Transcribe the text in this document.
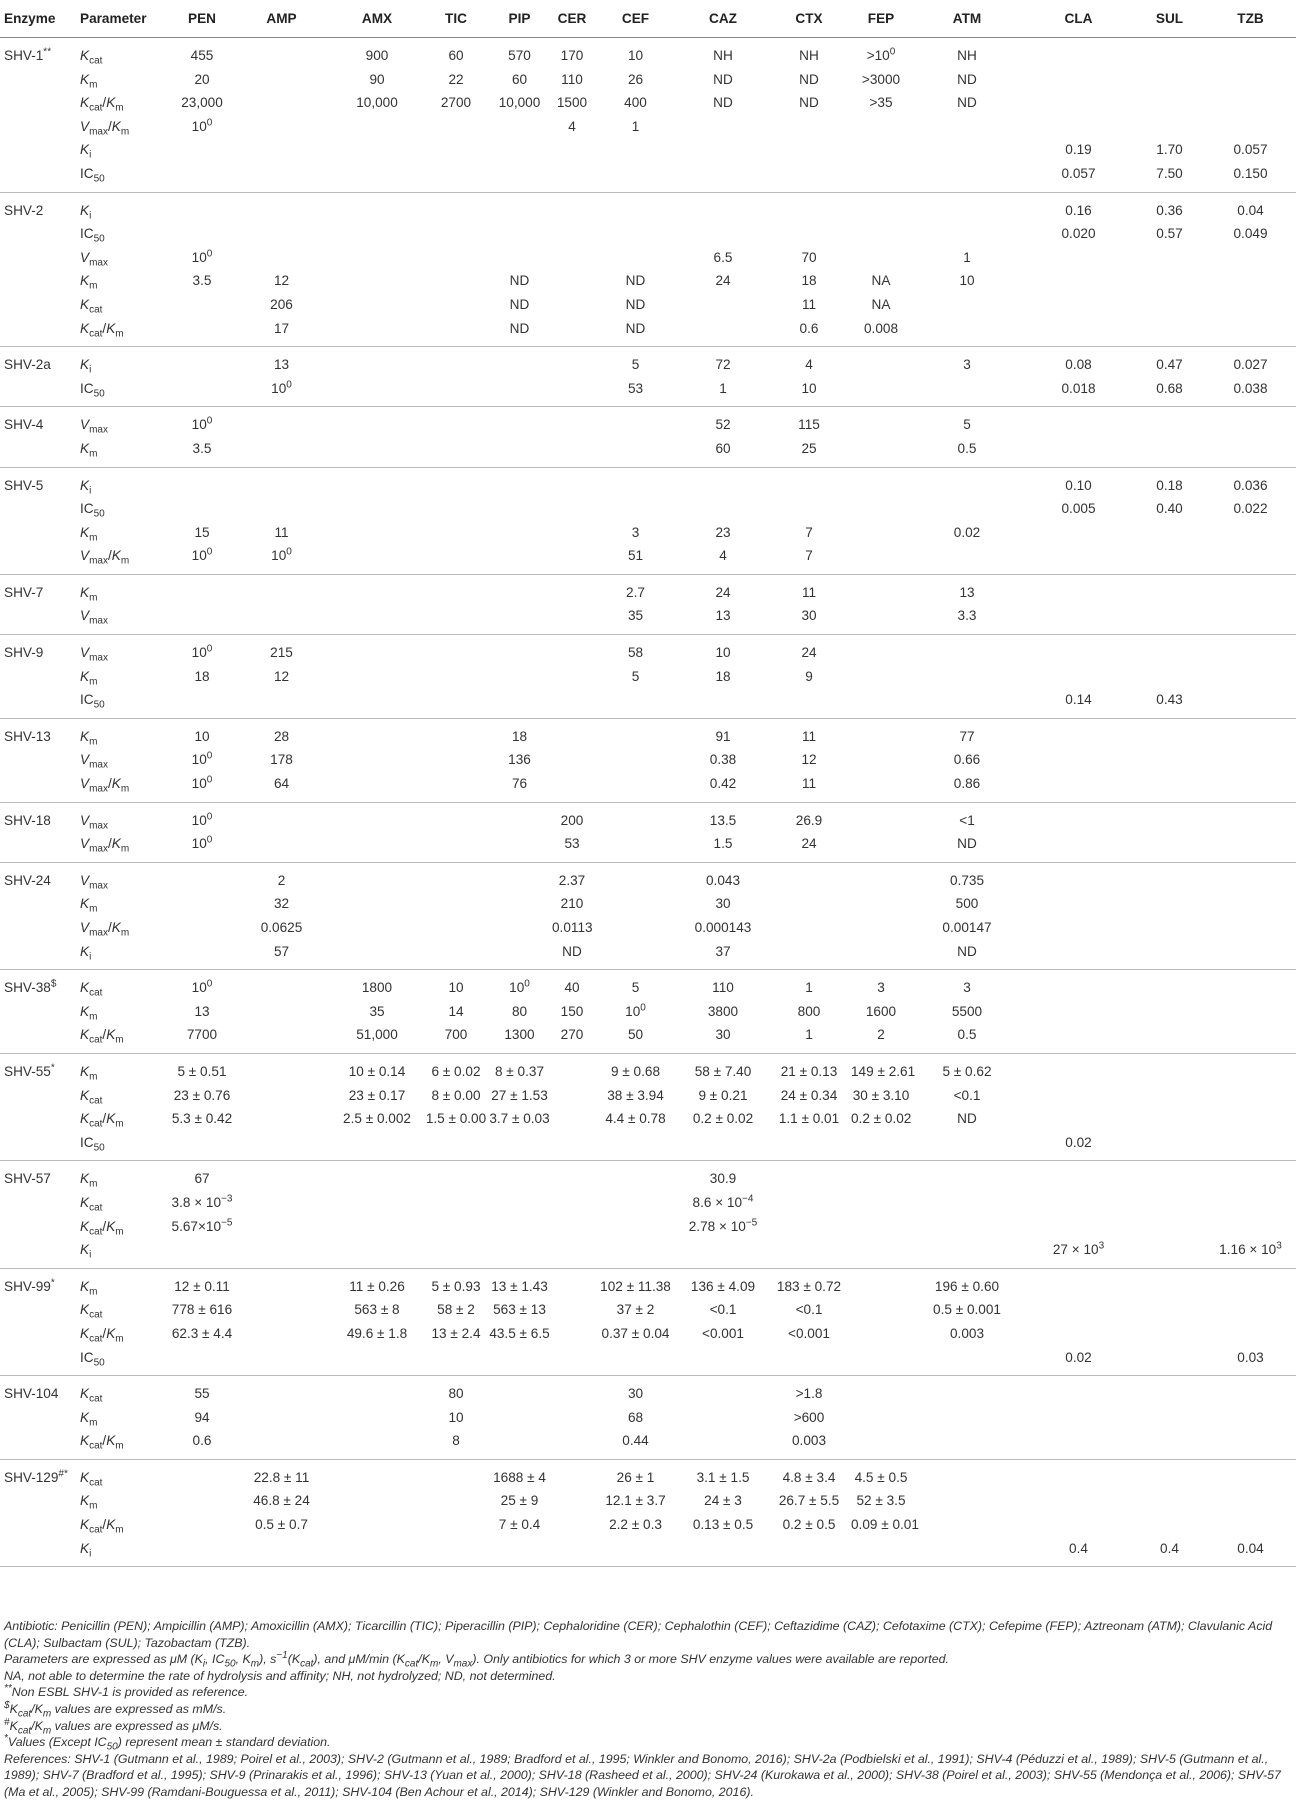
Enzyme	Parameter	PEN	AMP	AMX	TIC	PIP	CER	CEF	CAZ	CTX	FEP	ATM	CLA	SUL	TZB
SHV-1**	$K_{cat}$	455		900	60	570	170	10	NH	NH	$>10^0$	NH			
	$K_m$	20		90	22	60	110	26	ND	ND	>3000	ND			
	$K_{cat}/K_m$	23,000		10,000	2700	10,000	1500	400	ND	ND	>35	ND			
	$V_{max}/K_m$	$10^0$					4	1							
	$K_i$												0.19	1.70	0.057
	$IC_{50}$												0.057	7.50	0.150
SHV-2	$K_i$												0.16	0.36	0.04
	$IC_{50}$												0.020	0.57	0.049
	$V_{max}$	$10^0$							6.5	70		1			
	$K_m$	3.5	12			ND		ND	24	18	NA	10			
	$K_{cat}$		206			ND		ND		11	NA				
	$K_{cat}/K_m$		17			ND		ND		0.6	0.008				
SHV-2a	$K_i$		13					5	72	4		3	0.08	0.47	0.027
	$IC_{50}$		$10^0$					53	1	10			0.018	0.68	0.038
SHV-4	$V_{max}$	$10^0$							52	115		5			
	$K_m$	3.5							60	25		0.5			
SHV-5	$K_i$												0.10	0.18	0.036
	$IC_{50}$												0.005	0.40	0.022
	$K_m$	15	11					3	23	7		0.02			
	$V_{max}/K_m$	$10^0$	$10^0$					51	4	7					
SHV-7	$K_m$							2.7	24	11		13			
	$V_{max}$							35	13	30		3.3			
SHV-9	$V_{max}$	$10^0$	215					58	10	24					
	$K_m$	18	12					5	18	9					
	$IC_{50}$												0.14	0.43	
SHV-13	$K_m$	10	28			18			91	11		77			
	$V_{max}$	$10^0$	178			136			0.38	12		0.66			
	$V_{max}/K_m$	$10^0$	64			76			0.42	11		0.86			
SHV-18	$V_{max}$	$10^0$					200		13.5	26.9		<1			
	$V_{max}/K_m$	$10^0$					53		1.5	24		ND			
SHV-24	$V_{max}$		2				2.37		0.043			0.735			
	$K_m$		32				210		30			500			
	$V_{max}/K_m$		0.0625				0.0113		0.000143			0.00147			
	$K_i$		57				ND		37			ND			
SHV-38$	$K_{cat}$	$10^0$		1800	10	$10^0$	40	5	110	1	3	3			
	$K_m$	13		35	14	80	150	$10^0$	3800	800	1600	5500			
	$K_{cat}/K_m$	7700		51,000	700	1300	270	50	30	1	2	0.5			
SHV-55*	$K_m$	5 ± 0.51		10 ± 0.14	6 ± 0.02	8 ± 0.37		9 ± 0.68	58 ± 7.40	21 ± 0.13	149 ± 2.61	5 ± 0.62			
	$K_{cat}$	23 ± 0.76		23 ± 0.17	8 ± 0.00	27 ± 1.53		38 ± 3.94	9 ± 0.21	24 ± 0.34	30 ± 3.10	<0.1			
	$K_{cat}/K_m$	5.3 ± 0.42		2.5 ± 0.002	1.5 ± 0.00	3.7 ± 0.03		4.4 ± 0.78	0.2 ± 0.02	1.1 ± 0.01	0.2 ± 0.02	ND			
	$IC_{50}$												0.02		
SHV-57	$K_m$	67							30.9						
	$K_{cat}$	$3.8 \times 10^{-3}$							$8.6 \times 10^{-4}$						
	$K_{cat}/K_m$	$5.67\times 10^{-5}$							$2.78 \times 10^{-5}$						
	$K_i$												$27 \times 10^3$		$1.16 \times 10^3$
SHV-99*	$K_m$	12 ± 0.11		11 ± 0.26	5 ± 0.93	13 ± 1.43		102 ± 11.38	136 ± 4.09	183 ± 0.72		196 ± 0.60			
	$K_{cat}$	778 ± 616		563 ± 8	58 ± 2	563 ± 13		37 ± 2	<0.1	<0.1		0.5 ± 0.001			
	$K_{cat}/K_m$	62.3 ± 4.4		49.6 ± 1.8	13 ± 2.4	43.5 ± 6.5		0.37 ± 0.04	<0.001	<0.001		0.003			
	$IC_{50}$												0.02		0.03
SHV-104	$K_{cat}$	55			80			30		>1.8					
	$K_m$	94			10			68		>600					
	$K_{cat}/K_m$	0.6			8			0.44		0.003					
SHV-129#*	$K_{cat}$		22.8 ± 11			1688 ± 4		26 ± 1	3.1 ± 1.5	4.8 ± 3.4	4.5 ± 0.5				
	$K_m$		46.8 ± 24			25 ± 9		12.1 ± 3.7	24 ± 3	26.7 ± 5.5	52 ± 3.5				
	$K_{cat}/K_m$		0.5 ± 0.7			7 ± 0.4		2.2 ± 0.3	0.13 ± 0.5	0.2 ± 0.5	0.09 ± 0.01				
	$K_i$												0.4	0.4	0.04
Antibiotic: Penicillin (PEN); Ampicillin (AMP); Amoxicillin (AMX); Ticarcillin (TIC); Piperacillin (PIP); Cephaloridine (CER); Cephalothin (CEF); Ceftazidime (CAZ); Cefotaxime (CTX); Cefepime (FEP); Aztreonam (ATM); Clavulanic Acid (CLA); Sulbactam (SUL); Tazobactam (TZB).
Parameters are expressed as μM ($K_i$, $IC_{50}$, $K_m$), $s^{-1}(K_{cat})$, and μM/min ($K_{cat}/K_m$, $V_{max}$). Only antibiotics for which 3 or more SHV enzyme values were available are reported.
NA, not able to determine the rate of hydrolysis and affinity; NH, not hydrolyzed; ND, not determined.
**Non ESBL SHV-1 is provided as reference.
$^{\$}K_{cat}/K_m$ values are expressed as mM/s.
$^{\#}K_{cat}/K_m$ values are expressed as μM/s.
*Values (Except $IC_{50}$) represent mean ± standard deviation.
References: SHV-1 (Gutmann et al., 1989; Poirel et al., 2003); SHV-2 (Gutmann et al., 1989; Bradford et al., 1995; Winkler and Bonomo, 2016); SHV-2a (Podbielski et al., 1991); SHV-4 (Péduzzi et al., 1989); SHV-5 (Gutmann et al., 1989); SHV-7 (Bradford et al., 1995); SHV-9 (Prinarakis et al., 1996); SHV-13 (Yuan et al., 2000); SHV-18 (Rasheed et al., 2000); SHV-24 (Kurokawa et al., 2000); SHV-38 (Poirel et al., 2003); SHV-55 (Mendonça et al., 2006); SHV-57 (Ma et al., 2005); SHV-99 (Ramdani-Bouguessa et al., 2011); SHV-104 (Ben Achour et al., 2014); SHV-129 (Winkler and Bonomo, 2016).
